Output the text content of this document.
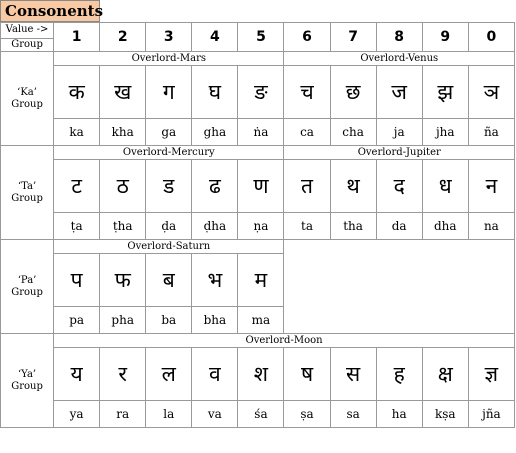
Consonents
Value ->
Group	1	2	3	4	5	6	7	8	9	0

‘Ka’
Group	Overlord-Mars					Overlord-Venus				
	क	ख	ग	घ	ङ	च	छ	ज	झ	ञ
	ka	kha	ga	gha	ṅa	ca	cha	ja	jha	ña

‘Ta’
Group	Overlord-Mercury					Overlord-Jupiter				
	ट	ठ	ड	ढ	ण	त	थ	द	ध	न
	ṭa	ṭha	ḍa	ḍha	ṇa	ta	tha	da	dha	na

‘Pa’
Group	Overlord-Saturn									
	प	फ	ब	भ	म					
	pa	pha	ba	bha	ma					

‘Ya’
Group	Overlord-Moon									
	य	र	ल	व	श	ष	स	ह	क्ष	ज्ञ
	ya	ra	la	va	śa	ṣa	sa	ha	kṣa	jña
